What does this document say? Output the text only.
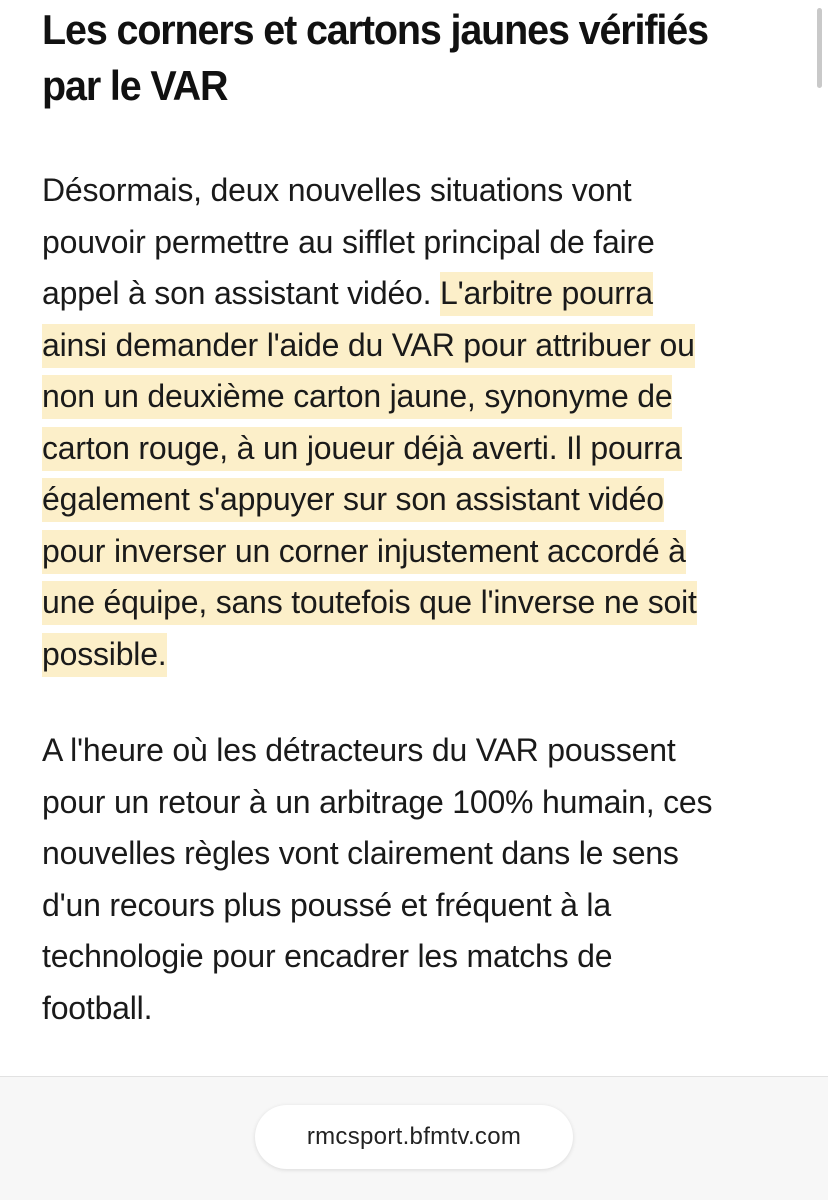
Les corners et cartons jaunes vérifiés
par le VAR
Désormais, deux nouvelles situations vont
pouvoir permettre au sifflet principal de faire
appel à son assistant vidéo. L'arbitre pourra
ainsi demander l'aide du VAR pour attribuer ou
non un deuxième carton jaune, synonyme de
carton rouge, à un joueur déjà averti. Il pourra
également s'appuyer sur son assistant vidéo
pour inverser un corner injustement accordé à
une équipe, sans toutefois que l'inverse ne soit
possible.
A l'heure où les détracteurs du VAR poussent
pour un retour à un arbitrage 100% humain, ces
nouvelles règles vont clairement dans le sens
d'un recours plus poussé et fréquent à la
technologie pour encadrer les matchs de
football.
rmcsport.bfmtv.com
